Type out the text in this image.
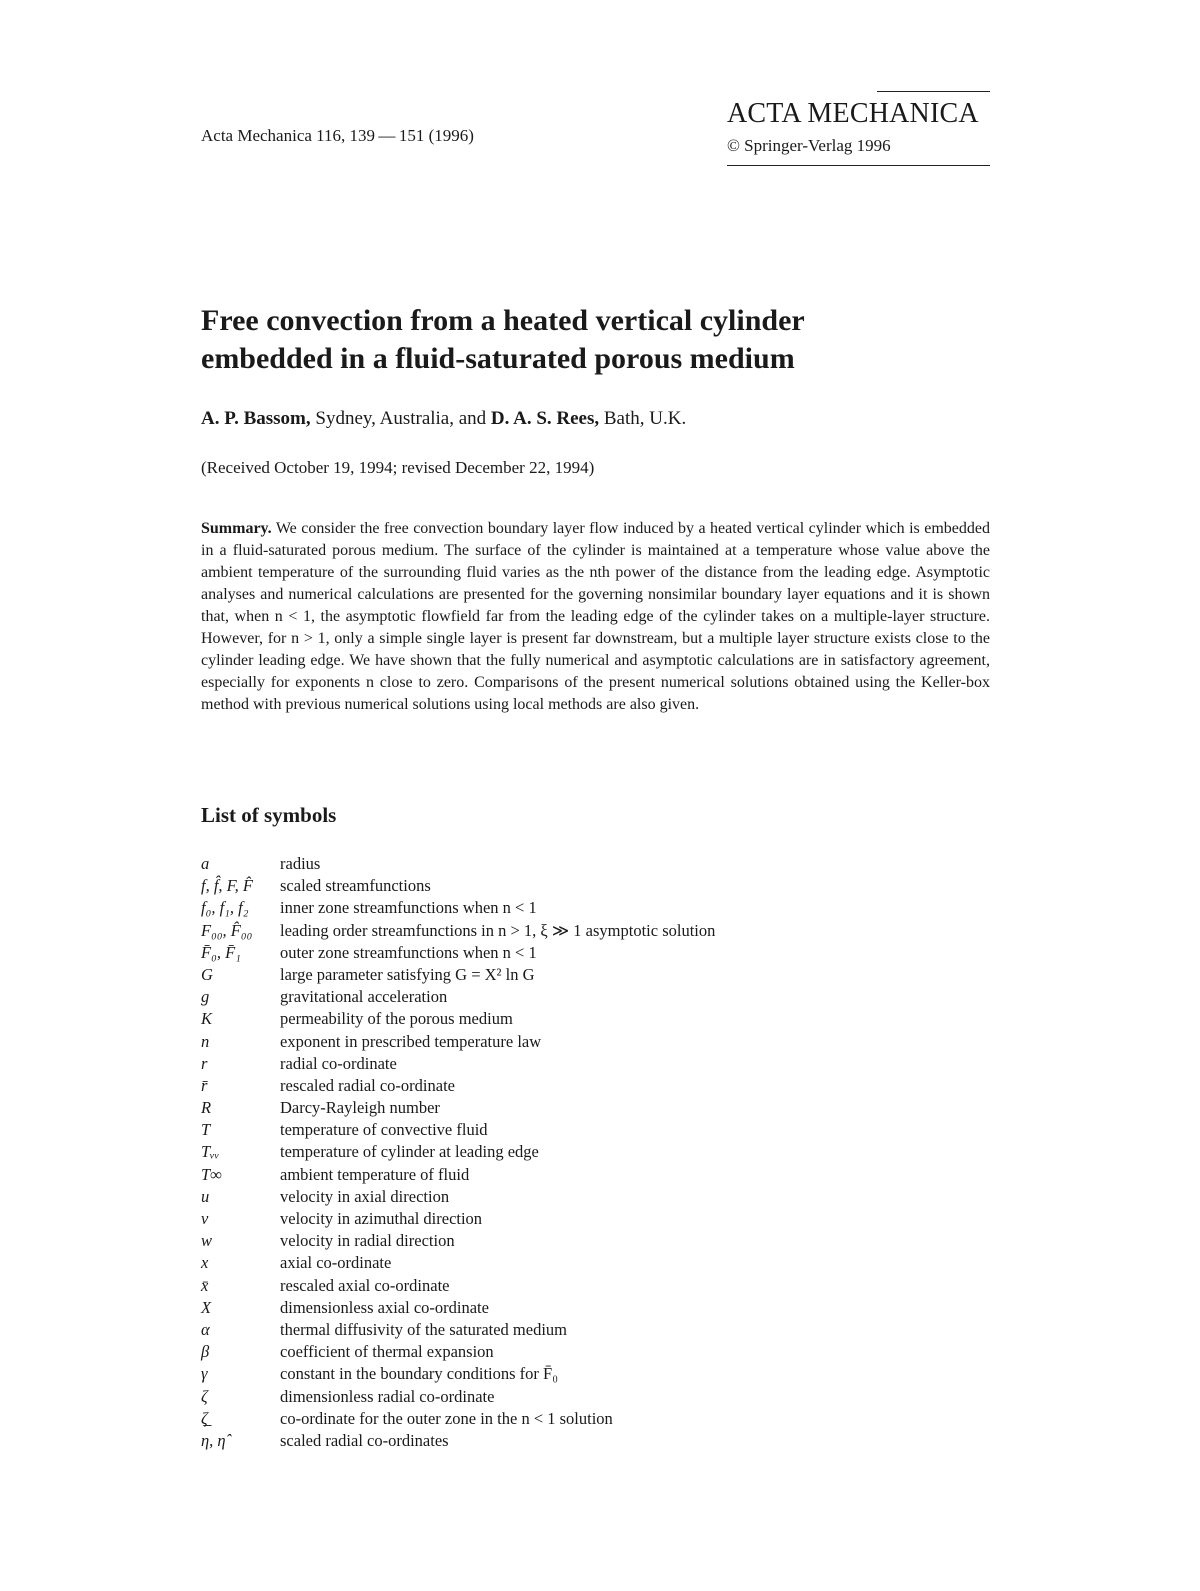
Acta Mechanica 116, 139 — 151 (1996)
ACTA MECHANICA
© Springer-Verlag 1996
Free convection from a heated vertical cylinder
embedded in a fluid-saturated porous medium
A. P. Bassom, Sydney, Australia, and D. A. S. Rees, Bath, U.K.
(Received October 19, 1994; revised December 22, 1994)

Summary. We consider the free convection boundary layer flow induced by a heated vertical cylinder which is embedded in a fluid-saturated porous medium. The surface of the cylinder is maintained at a temperature whose value above the ambient temperature of the surrounding fluid varies as the nth power of the distance from the leading edge. Asymptotic analyses and numerical calculations are presented for the governing nonsimilar boundary layer equations and it is shown that, when n < 1, the asymptotic flowfield far from the leading edge of the cylinder takes on a multiple-layer structure. However, for n > 1, only a simple single layer is present far downstream, but a multiple layer structure exists close to the cylinder leading edge. We have shown that the fully numerical and asymptotic calculations are in satisfactory agreement, especially for exponents n close to zero. Comparisons of the present numerical solutions obtained using the Keller-box method with previous numerical solutions using local methods are also given.

List of symbols
a	radius
f, f̂, F, F̂	scaled streamfunctions
f₀, f₁, f₂	inner zone streamfunctions when n < 1
F₀₀, F̂₀₀	leading order streamfunctions in n > 1, ξ ≫ 1 asymptotic solution
F̄₀, F̄₁	outer zone streamfunctions when n < 1
G	large parameter satisfying G = X² ln G
g	gravitational acceleration
K	permeability of the porous medium
n	exponent in prescribed temperature law
r	radial co-ordinate
r̄	rescaled radial co-ordinate
R	Darcy-Rayleigh number
T	temperature of convective fluid
Tᵥᵥ	temperature of cylinder at leading edge
T∞	ambient temperature of fluid
u	velocity in axial direction
v	velocity in azimuthal direction
w	velocity in radial direction
x	axial co-ordinate
x̄	rescaled axial co-ordinate
X	dimensionless axial co-ordinate
α	thermal diffusivity of the saturated medium
β	coefficient of thermal expansion
γ	constant in the boundary conditions for F̄₀
ζ	dimensionless radial co-ordinate
ζ̲	co-ordinate for the outer zone in the n < 1 solution
η, η̂	scaled radial co-ordinates
